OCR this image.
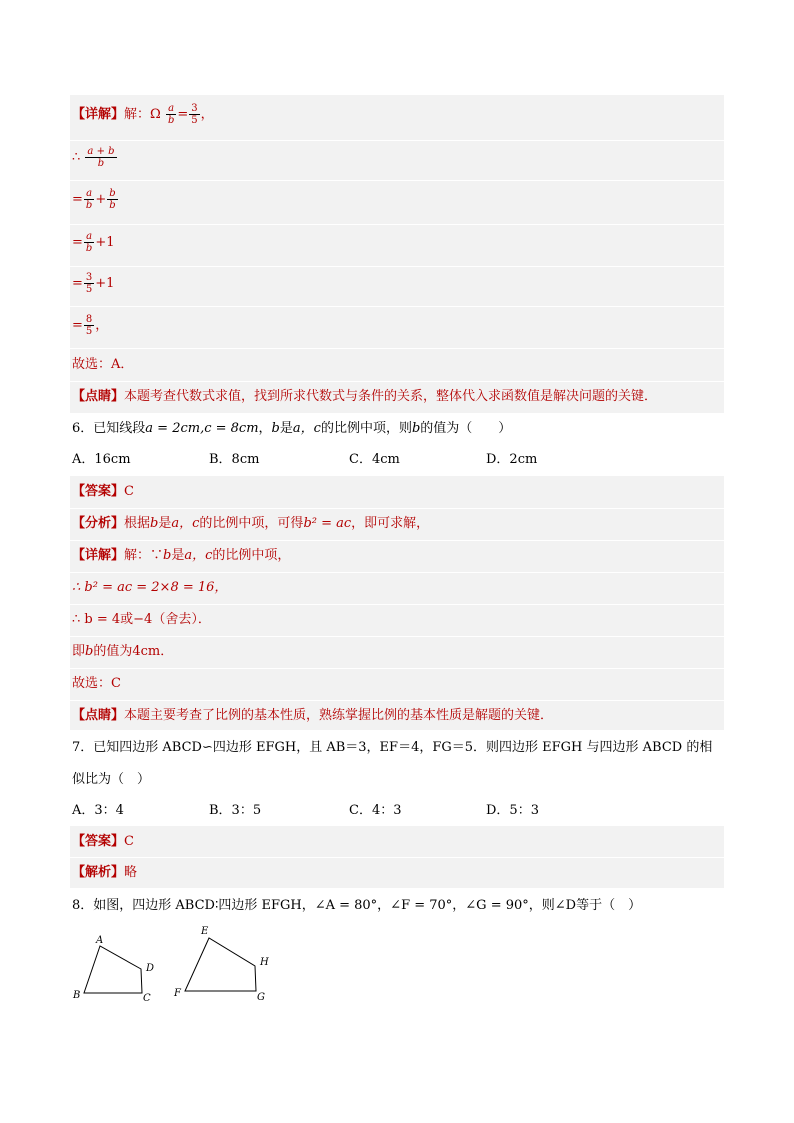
【详解】解：Ω $\frac{a}{b} = \frac{3}{5}$ ，
∴ $\frac{a + b}{b}$
= $\frac{a}{b} + \frac{b}{b}$
= $\frac{a}{b} +1$
= $\frac{3}{5} +1$
= $\frac{8}{5}$ ，
故选：A．
【点睛】本题考查代数式求值，找到所求代数式与条件的关系，整体代入求函数值是解决问题的关键．
6．已知线段a = 2cm,c = 8cm，b是a，c的比例中项，则b的值为（　　）
A．16cm	B．8cm	C．4cm	D．2cm
【答案】C
【分析】根据b是a，c的比例中项，可得b² = ac，即可求解，
【详解】解：∵b是a，c的比例中项，
∴ b² = ac = 2×8 = 16，
∴ b = 4或−4（舍去）．
即b的值为4cm．
故选：C
【点睛】本题主要考查了比例的基本性质，熟练掌握比例的基本性质是解题的关键．
7．已知四边形 ABCD∽四边形 EFGH，且 AB＝3，EF＝4，FG＝5．则四边形 EFGH 与四边形 ABCD 的相
似比为（　）
A．3：4	B．3：5	C．4：3	D．5：3
【答案】C
【解析】略
8．如图，四边形 ABCD∶四边形 EFGH，∠A = 80°，∠F = 70°，∠G = 90°，则∠D等于（　）
A
B	C
D
E
F	G
H
